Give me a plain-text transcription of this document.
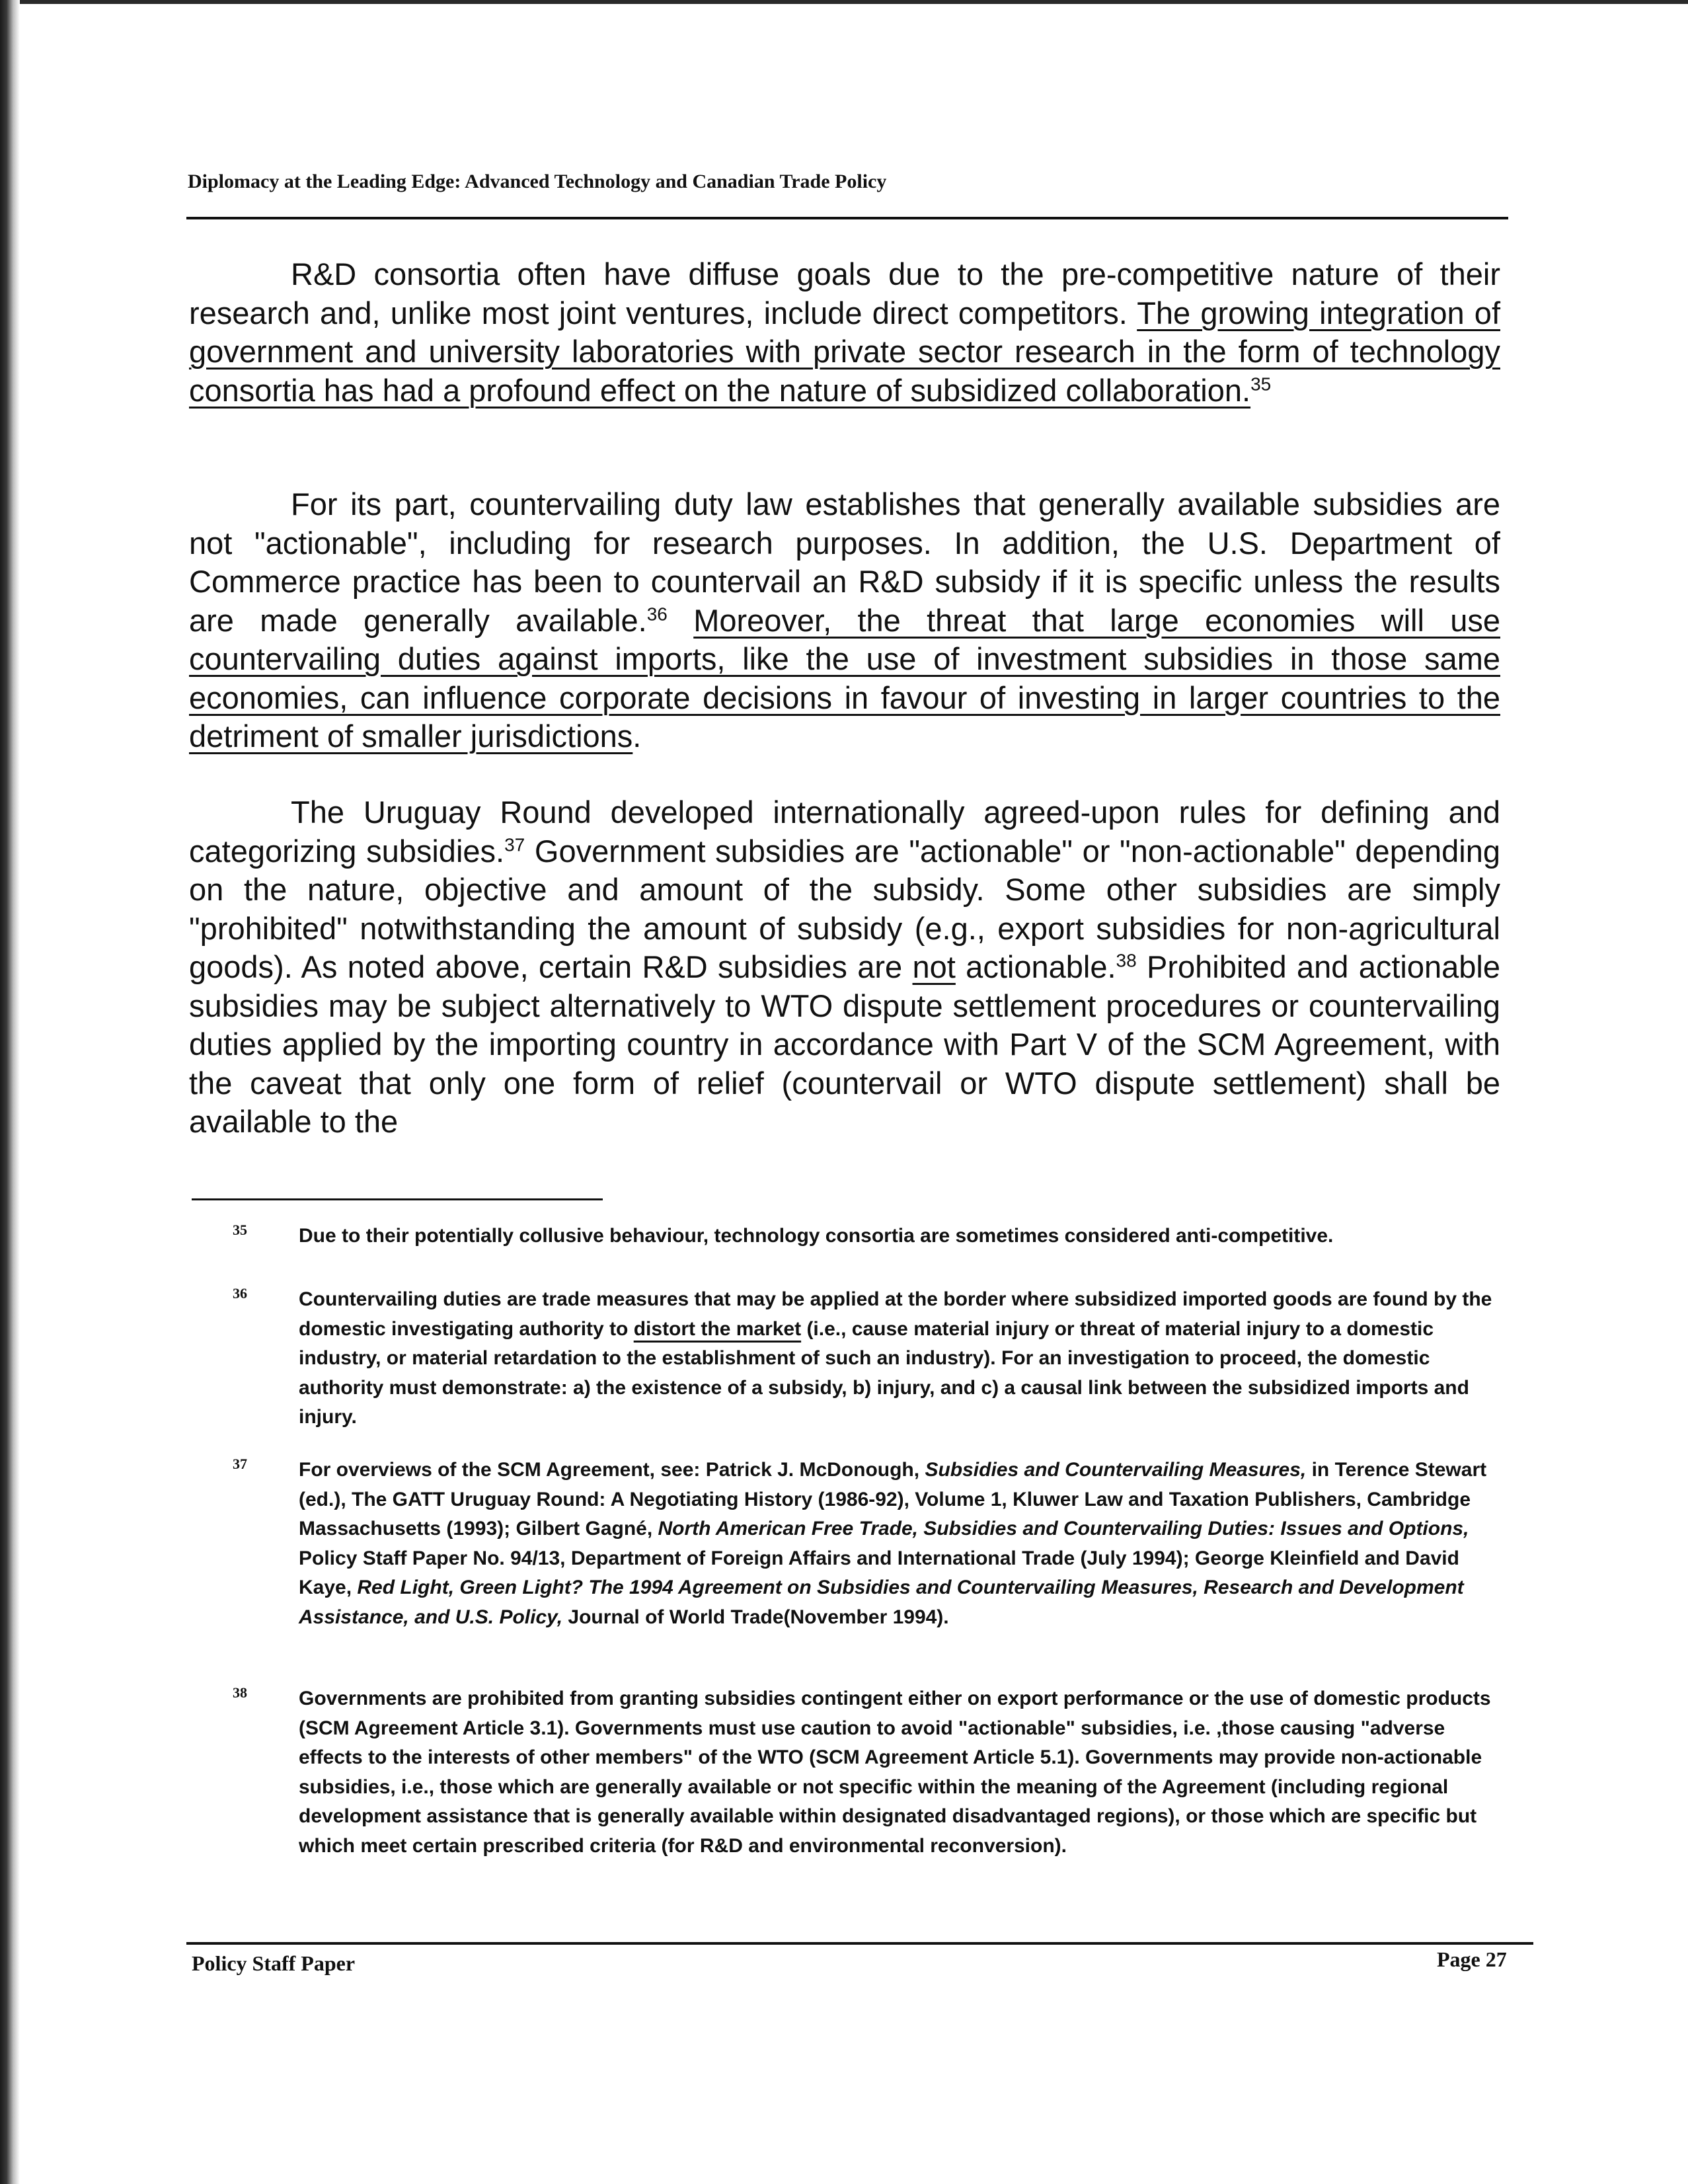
Diplomacy at the Leading Edge: Advanced Technology and Canadian Trade Policy

R&D consortia often have diffuse goals due to the pre-competitive nature of their research and, unlike most joint ventures, include direct competitors. The growing integration of government and university laboratories with private sector research in the form of technology consortia has had a profound effect on the nature of subsidized collaboration.$^{35}$

For its part, countervailing duty law establishes that generally available subsidies are not "actionable", including for research purposes. In addition, the U.S. Department of Commerce practice has been to countervail an R&D subsidy if it is specific unless the results are made generally available.$^{36}$ Moreover, the threat that large economies will use countervailing duties against imports, like the use of investment subsidies in those same economies, can influence corporate decisions in favour of investing in larger countries to the detriment of smaller jurisdictions.

The Uruguay Round developed internationally agreed-upon rules for defining and categorizing subsidies.$^{37}$ Government subsidies are "actionable" or "non-actionable" depending on the nature, objective and amount of the subsidy. Some other subsidies are simply "prohibited" notwithstanding the amount of subsidy (e.g., export subsidies for non-agricultural goods). As noted above, certain R&D subsidies are not actionable.$^{38}$ Prohibited and actionable subsidies may be subject alternatively to WTO dispute settlement procedures or countervailing duties applied by the importing country in accordance with Part V of the SCM Agreement, with the caveat that only one form of relief (countervail or WTO dispute settlement) shall be available to the

35	Due to their potentially collusive behaviour, technology consortia are sometimes considered anti-competitive.

36	Countervailing duties are trade measures that may be applied at the border where subsidized imported goods are found by the domestic investigating authority to distort the market (i.e., cause material injury or threat of material injury to a domestic industry, or material retardation to the establishment of such an industry). For an investigation to proceed, the domestic authority must demonstrate: a) the existence of a subsidy, b) injury, and c) a causal link between the subsidized imports and injury.

37	For overviews of the SCM Agreement, see: Patrick J. McDonough, Subsidies and Countervailing Measures, in Terence Stewart (ed.), The GATT Uruguay Round: A Negotiating History (1986-92), Volume 1, Kluwer Law and Taxation Publishers, Cambridge Massachusetts (1993); Gilbert Gagné, North American Free Trade, Subsidies and Countervailing Duties: Issues and Options, Policy Staff Paper No. 94/13, Department of Foreign Affairs and International Trade (July 1994); George Kleinfield and David Kaye, Red Light, Green Light? The 1994 Agreement on Subsidies and Countervailing Measures, Research and Development Assistance, and U.S. Policy, Journal of World Trade(November 1994).

38	Governments are prohibited from granting subsidies contingent either on export performance or the use of domestic products (SCM Agreement Article 3.1). Governments must use caution to avoid "actionable" subsidies, i.e. ,those causing "adverse effects to the interests of other members" of the WTO (SCM Agreement Article 5.1). Governments may provide non-actionable subsidies, i.e., those which are generally available or not specific within the meaning of the Agreement (including regional development assistance that is generally available within designated disadvantaged regions), or those which are specific but which meet certain prescribed criteria (for R&D and environmental reconversion).

Policy Staff Paper	Page 27
